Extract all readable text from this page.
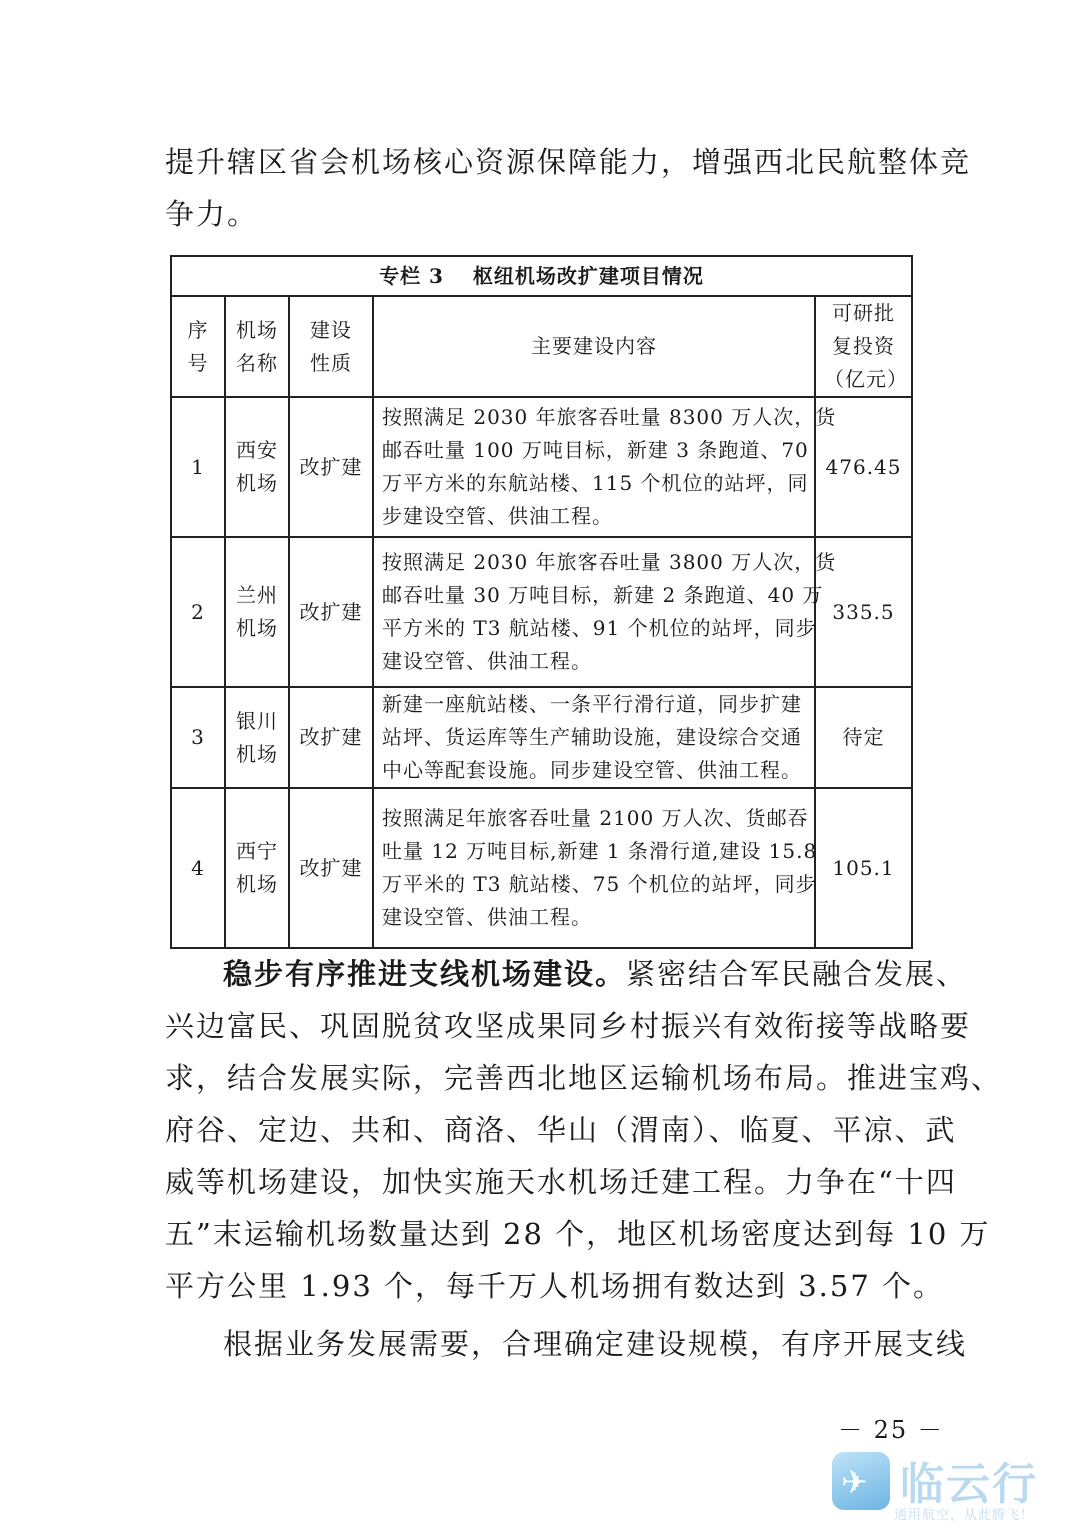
提升辖区省会机场核心资源保障能力，增强西北民航整体竞
争力。
专栏 3　 枢纽机场改扩建项目情况				

序
号	机场
名称	建设
性质	主要建设内容	可研批
复投资
（亿元）

1	西安
机场	改扩建	按照满足 2030 年旅客吞吐量 8300 万人次，货
邮吞吐量 100 万吨目标，新建 3 条跑道、70
万平方米的东航站楼、115 个机位的站坪，同
步建设空管、供油工程。	476.45
2	兰州
机场	改扩建	按照满足 2030 年旅客吞吐量 3800 万人次，货
邮吞吐量 30 万吨目标，新建 2 条跑道、40 万
平方米的 T3 航站楼、91 个机位的站坪，同步
建设空管、供油工程。	335.5
3	银川
机场	改扩建	新建一座航站楼、一条平行滑行道，同步扩建
站坪、货运库等生产辅助设施，建设综合交通
中心等配套设施。同步建设空管、供油工程。	待定
4	西宁
机场	改扩建	按照满足年旅客吞吐量 2100 万人次、货邮吞
吐量 12 万吨目标,新建 1 条滑行道,建设 15.8
万平米的 T3 航站楼、75 个机位的站坪，同步
建设空管、供油工程。	105.1
稳步有序推进支线机场建设。紧密结合军民融合发展、
兴边富民、巩固脱贫攻坚成果同乡村振兴有效衔接等战略要
求，结合发展实际，完善西北地区运输机场布局。推进宝鸡、
府谷、定边、共和、商洛、华山（渭南）、临夏、平凉、武
威等机场建设，加快实施天水机场迁建工程。力争在“十四
五”末运输机场数量达到 28 个，地区机场密度达到每 10 万
平方公里 1.93 个，每千万人机场拥有数达到 3.57 个。
根据业务发展需要，合理确定建设规模，有序开展支线
－ 25 －
✈ 临云行
通用航空，从此腾飞！
